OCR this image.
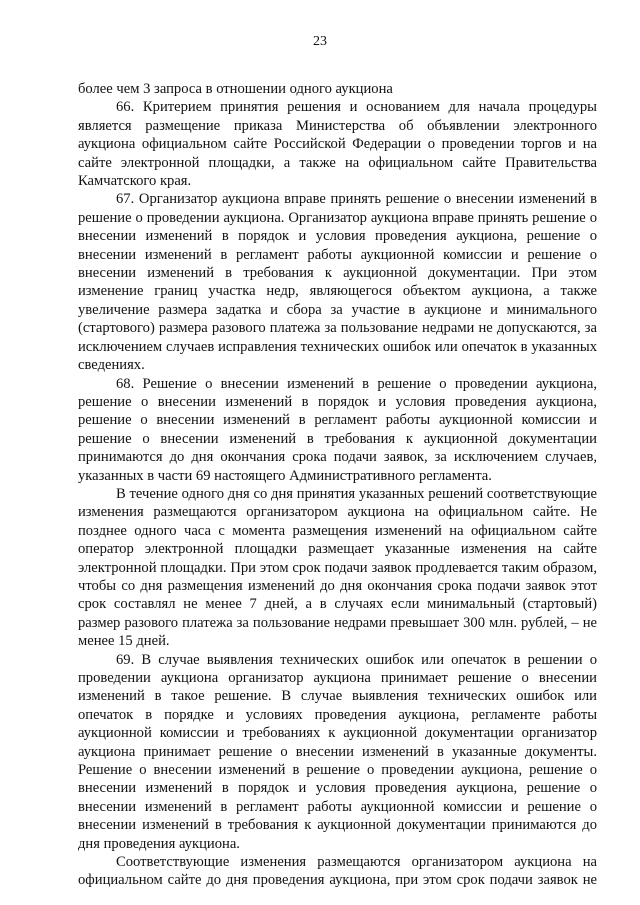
23

более чем 3 запроса в отношении одного аукциона

66. Критерием принятия решения и основанием для начала процедуры является размещение приказа Министерства об объявлении электронного аукциона официальном сайте Российской Федерации о проведении торгов и на сайте электронной площадки, а также на официальном сайте Правительства Камчатского края.

67. Организатор аукциона вправе принять решение о внесении изменений в решение о проведении аукциона. Организатор аукциона вправе принять решение о внесении изменений в порядок и условия проведения аукциона, решение о внесении изменений в регламент работы аукционной комиссии и решение о внесении изменений в требования к аукционной документации. При этом изменение границ участка недр, являющегося объектом аукциона, а также увеличение размера задатка и сбора за участие в аукционе и минимального (стартового) размера разового платежа за пользование недрами не допускаются, за исключением случаев исправления технических ошибок или опечаток в указанных сведениях.

68. Решение о внесении изменений в решение о проведении аукциона, решение о внесении изменений в порядок и условия проведения аукциона, решение о внесении изменений в регламент работы аукционной комиссии и решение о внесении изменений в требования к аукционной документации принимаются до дня окончания срока подачи заявок, за исключением случаев, указанных в части 69 настоящего Административного регламента.

В течение одного дня со дня принятия указанных решений соответствующие изменения размещаются организатором аукциона на официальном сайте. Не позднее одного часа с момента размещения изменений на официальном сайте оператор электронной площадки размещает указанные изменения на сайте электронной площадки. При этом срок подачи заявок продлевается таким образом, чтобы со дня размещения изменений до дня окончания срока подачи заявок этот срок составлял не менее 7 дней, а в случаях если минимальный (стартовый) размер разового платежа за пользование недрами превышает 300 млн. рублей, – не менее 15 дней.

69. В случае выявления технических ошибок или опечаток в решении о проведении аукциона организатор аукциона принимает решение о внесении изменений в такое решение. В случае выявления технических ошибок или опечаток в порядке и условиях проведения аукциона, регламенте работы аукционной комиссии и требованиях к аукционной документации организатор аукциона принимает решение о внесении изменений в указанные документы. Решение о внесении изменений в решение о проведении аукциона, решение о внесении изменений в порядок и условия проведения аукциона, решение о внесении изменений в регламент работы аукционной комиссии и решение о внесении изменений в требования к аукционной документации принимаются до дня проведения аукциона.

Соответствующие изменения размещаются организатором аукциона на официальном сайте до дня проведения аукциона, при этом срок подачи заявок не
